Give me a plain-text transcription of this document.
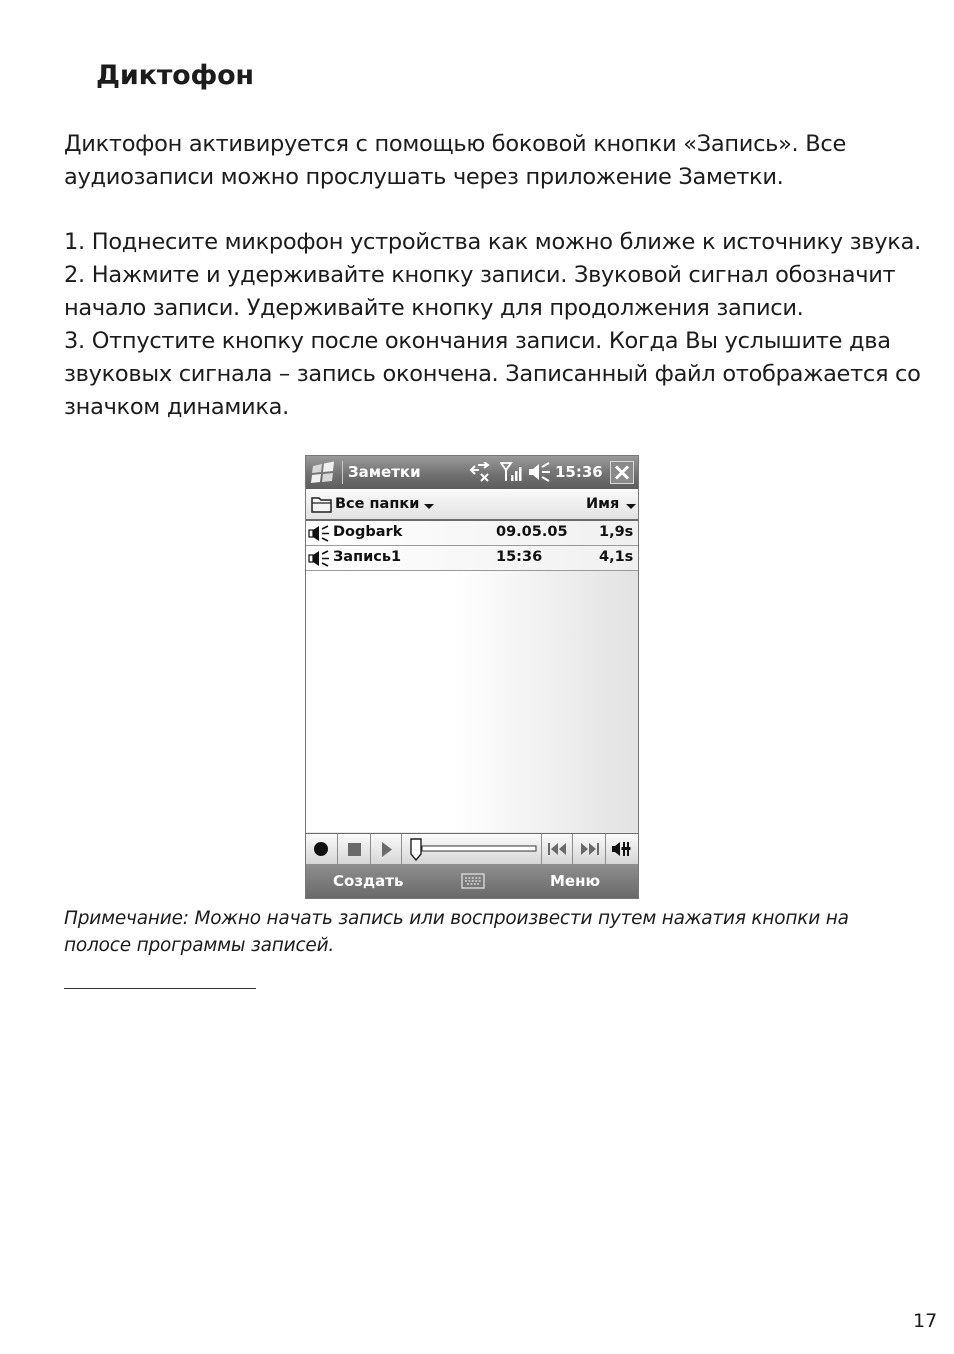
Диктофон
Диктофон активируется с помощью боковой кнопки «Запись». Все
аудиозаписи можно прослушать через приложение Заметки.
1. Поднесите микрофон устройства как можно ближе к источнику звука.
2. Нажмите и удерживайте кнопку записи. Звуковой сигнал обозначит
начало записи. Удерживайте кнопку для продолжения записи.
3. Отпустите кнопку после окончания записи. Когда Вы услышите два
звуковых сигнала – запись окончена. Записанный файл отображается со
значком динамика.
Заметки	15:36
Все папки	Имя
Dogbark	09.05.05 1,9s
Запись1	15:36	4,1s
Создать	Меню
Примечание: Можно начать запись или воспроизвести путем нажатия кнопки на
полосе программы записей.
17
